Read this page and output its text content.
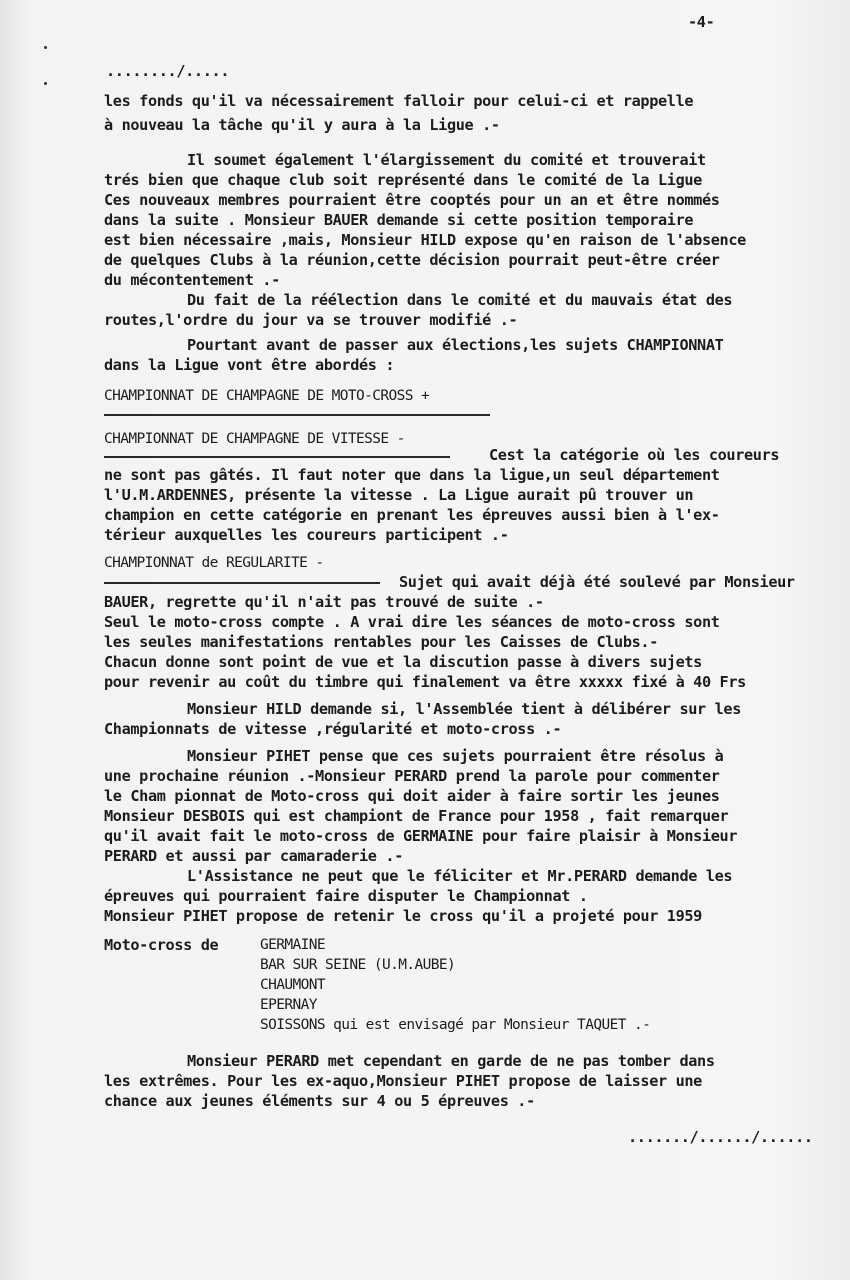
-4-
......../.....
les fonds qu'il va nécessairement falloir pour celui-ci et rappelle
à nouveau la tâche qu'il y aura à la Ligue .-
Il soumet également l'élargissement du comité et trouverait
trés bien que chaque club soit représenté dans le comité de la Ligue
Ces nouveaux membres pourraient être cooptés pour un an et être nommés
dans la suite . Monsieur BAUER demande si cette position temporaire
est bien nécessaire ,mais, Monsieur HILD expose qu'en raison de l'absence
de quelques Clubs à la réunion,cette décision pourrait peut-être créer
du mécontentement .-
Du fait de la réélection dans le comité et du mauvais état des
routes,l'ordre du jour va se trouver modifié .-
Pourtant avant de passer aux élections,les sujets CHAMPIONNAT
dans la Ligue vont être abordés :
CHAMPIONNAT DE CHAMPAGNE DE MOTO-CROSS +
CHAMPIONNAT DE CHAMPAGNE DE VITESSE -
Cest la catégorie où les coureurs
ne sont pas gâtés. Il faut noter que dans la ligue,un seul département
l'U.M.ARDENNES, présente la vitesse . La Ligue aurait pû trouver un
champion en cette catégorie en prenant les épreuves aussi bien à l'ex-
térieur auxquelles les coureurs participent .-
CHAMPIONNAT de REGULARITE -
Sujet qui avait déjà été soulevé par Monsieur
BAUER, regrette qu'il n'ait pas trouvé de suite .-
Seul le moto-cross compte . A vrai dire les séances de moto-cross sont
les seules manifestations rentables pour les Caisses de Clubs.-
Chacun donne sont point de vue et la discution passe à divers sujets
pour revenir au coût du timbre qui finalement va être xxxxx fixé à 40 Frs
Monsieur HILD demande si, l'Assemblée tient à délibérer sur les
Championnats de vitesse ,régularité et moto-cross .-
Monsieur PIHET pense que ces sujets pourraient être résolus à
une prochaine réunion .-Monsieur PERARD prend la parole pour commenter
le Cham pionnat de Moto-cross qui doit aider à faire sortir les jeunes
Monsieur DESBOIS qui est championt de France pour 1958 , fait remarquer
qu'il avait fait le moto-cross de GERMAINE pour faire plaisir à Monsieur
PERARD et aussi par camaraderie .-
L'Assistance ne peut que le féliciter et Mr.PERARD demande les
épreuves qui pourraient faire disputer le Championnat .
Monsieur PIHET propose de retenir le cross qu'il a projeté pour 1959
Moto-cross de	GERMAINE
BAR SUR SEINE (U.M.AUBE)
CHAUMONT
EPERNAY
SOISSONS qui est envisagé par Monsieur TAQUET .-
Monsieur PERARD met cependant en garde de ne pas tomber dans
les extrêmes. Pour les ex-aquo,Monsieur PIHET propose de laisser une
chance aux jeunes éléments sur 4 ou 5 épreuves .-
......./....../......
